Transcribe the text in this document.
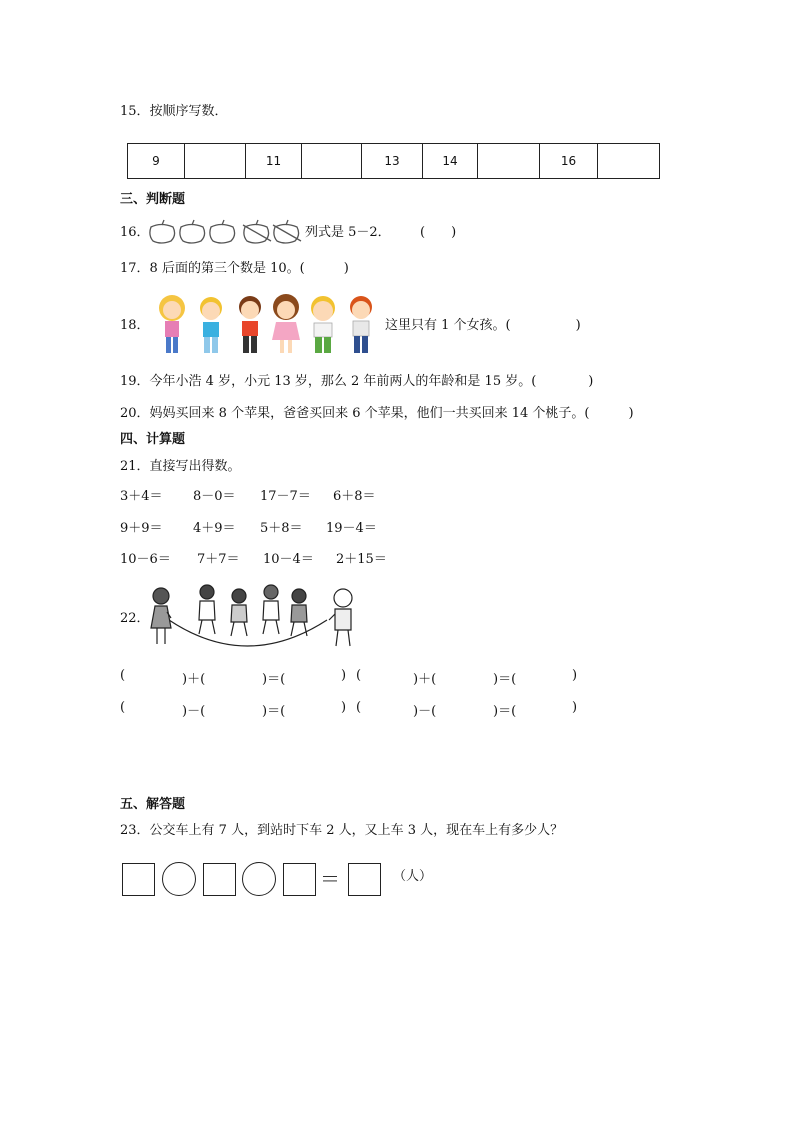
15．按顺序写数．
9		11		13	14		16	
三、判断题
16．	列式是 5－2． (　　)
17．8 后面的第三个数是 10。(　　　)
18．	这里只有 1 个女孩。(　　　　　)
19．今年小浩 4 岁，小元 13 岁，那么 2 年前两人的年龄和是 15 岁。(　　　　)
20．妈妈买回来 8 个苹果，爸爸买回来 6 个苹果，他们一共买回来 14 个桃子。(　　　)
四、计算题
21．直接写出得数。
3＋4＝ 8－0＝ 17－7＝ 6＋8＝
9＋9＝ 4＋9＝ 5＋8＝ 19－4＝
10－6＝ 7＋7＝ 10－4＝ 2＋15＝
22．
(	)＋(	)＝(	) (	)＋(	)＝(	)
(	)－(	)＝(	) (	)－(	)＝(	)
五、解答题
23．公交车上有 7 人，到站时下车 2 人，又上车 3 人，现在车上有多少人？
＝	（人）
